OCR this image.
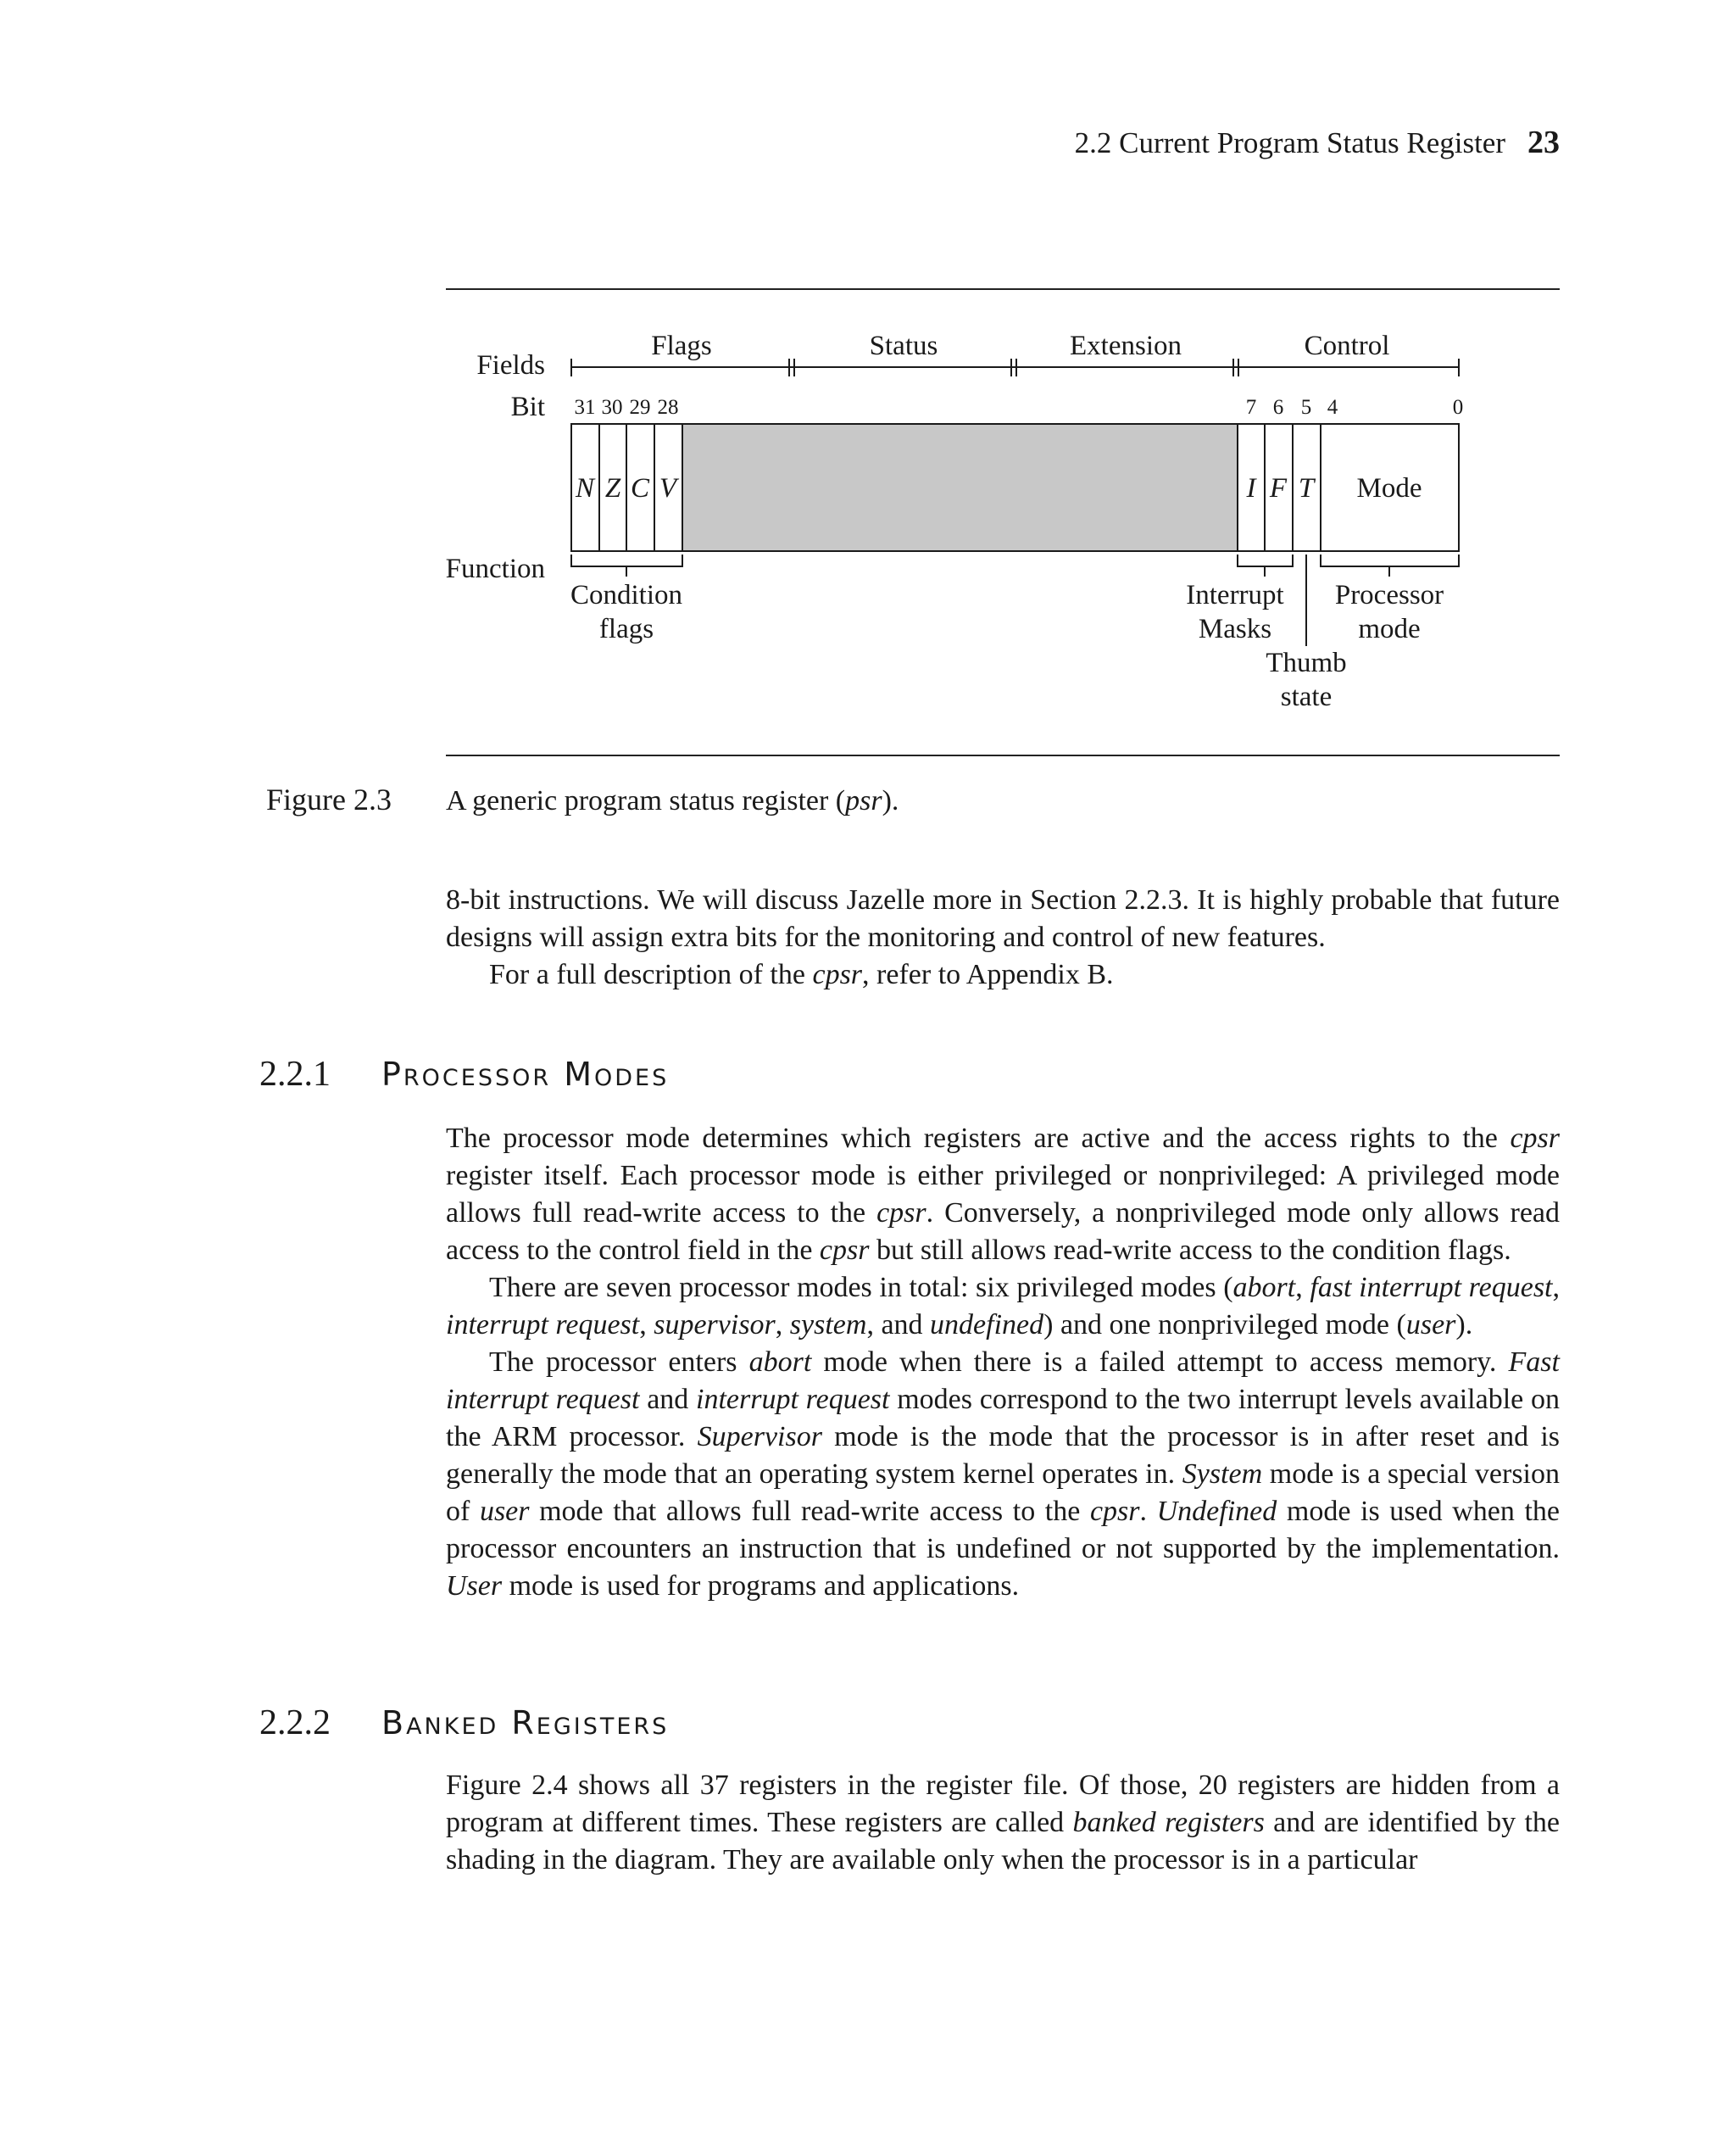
2.2 Current Program Status Register 23
Fields
Bit
Function
Flags	Status	Extension	Control
31 30 29 28	7 6 5 4	0
N Z C V	I F T Mode
Condition
flags
Interrupt
Masks
Processor
mode
Thumb
state
Figure 2.3 A generic program status register (psr).

8-bit instructions. We will discuss Jazelle more in Section 2.2.3. It is highly probable that future designs will assign extra bits for the monitoring and control of new features.

For a full description of the cpsr, refer to Appendix B.

2.2.1 Processor Modes

The processor mode determines which registers are active and the access rights to the cpsr register itself. Each processor mode is either privileged or nonprivileged: A privileged mode allows full read-write access to the cpsr. Conversely, a nonprivileged mode only allows read access to the control field in the cpsr but still allows read-write access to the condition flags.

There are seven processor modes in total: six privileged modes (abort, fast interrupt request, interrupt request, supervisor, system, and undefined) and one nonprivileged mode (user).

The processor enters abort mode when there is a failed attempt to access memory. Fast interrupt request and interrupt request modes correspond to the two interrupt levels available on the ARM processor. Supervisor mode is the mode that the processor is in after reset and is generally the mode that an operating system kernel operates in. System mode is a special version of user mode that allows full read-write access to the cpsr. Undefined mode is used when the processor encounters an instruction that is undefined or not supported by the implementation. User mode is used for programs and applications.

2.2.2 Banked Registers

Figure 2.4 shows all 37 registers in the register file. Of those, 20 registers are hidden from a program at different times. These registers are called banked registers and are identified by the shading in the diagram. They are available only when the processor is in a particular
